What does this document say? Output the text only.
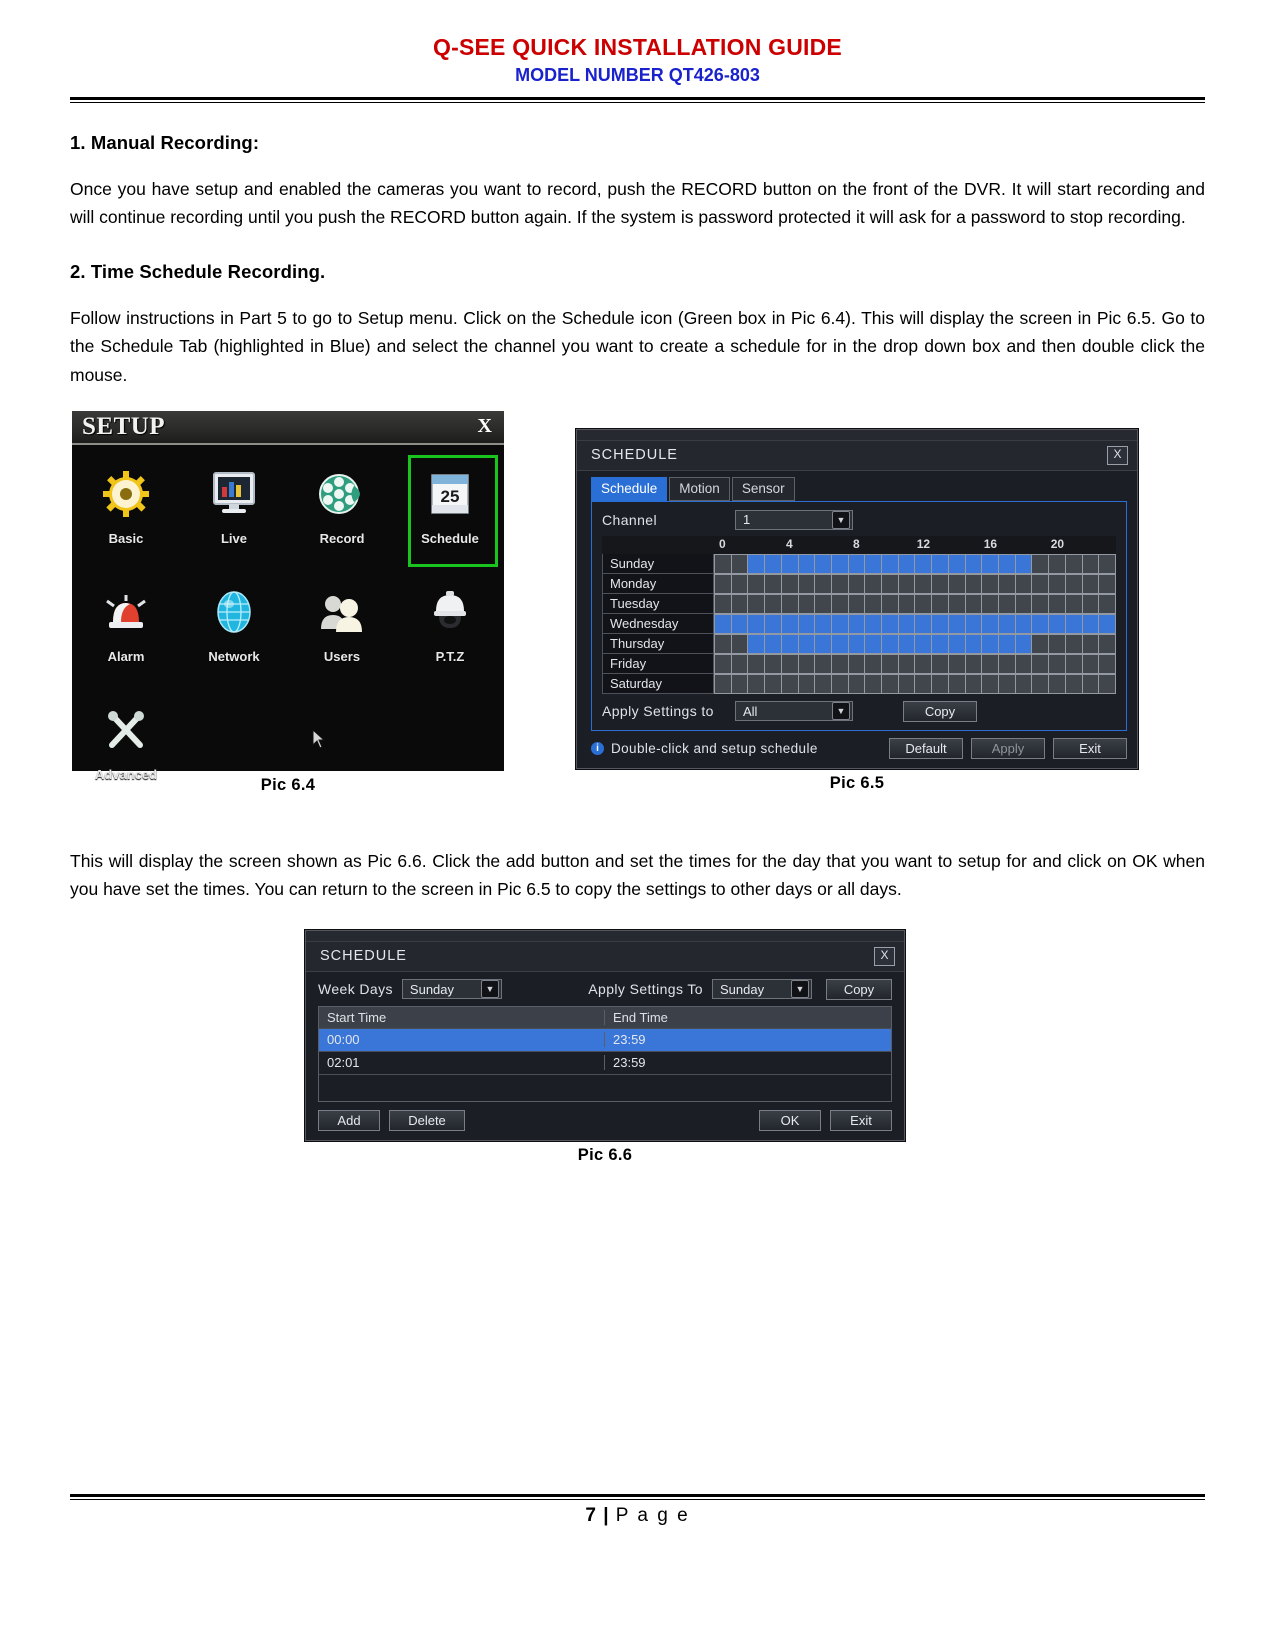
Q-SEE QUICK INSTALLATION GUIDE
MODEL NUMBER QT426-803
1. Manual Recording:

Once you have setup and enabled the cameras you want to record, push the RECORD button on the front of the DVR. It will start recording and will continue recording until you push the RECORD button again. If the system is password protected it will ask for a password to stop recording.

2. Time Schedule Recording.

Follow instructions in Part 5 to go to Setup menu. Click on the Schedule icon (Green box in Pic 6.4). This will display the screen in Pic 6.5. Go to the Schedule Tab (highlighted in Blue) and select the channel you want to create a schedule for in the drop down box and then double click the mouse.

SETUP	X
Basic	Live	Record
25
Schedule
Alarm	Network	Users	P.T.Z
Advanced
Pic 6.4
SCHEDULE	X
Schedule	Motion	Sensor
Channel	1	▼
0	4	8	12	16	20
Sunday
Monday
Tuesday
Wednesday
Thursday
Friday
Saturday
Apply Settings to	All	▼	Copy
i Double-click and setup schedule	Default	Apply	Exit
Pic 6.5

This will display the screen shown as Pic 6.6. Click the add button and set the times for the day that you want to setup for and click on OK when you have set the times. You can return to the screen in Pic 6.5 to copy the settings to other days or all days.

SCHEDULE	X
Week Days Sunday	▼	Apply Settings To Sunday	▼	Copy
Start Time	End Time
00:00	23:59
02:01	23:59
Add	Delete	OK	Exit
Pic 6.6
7 | P a g e
